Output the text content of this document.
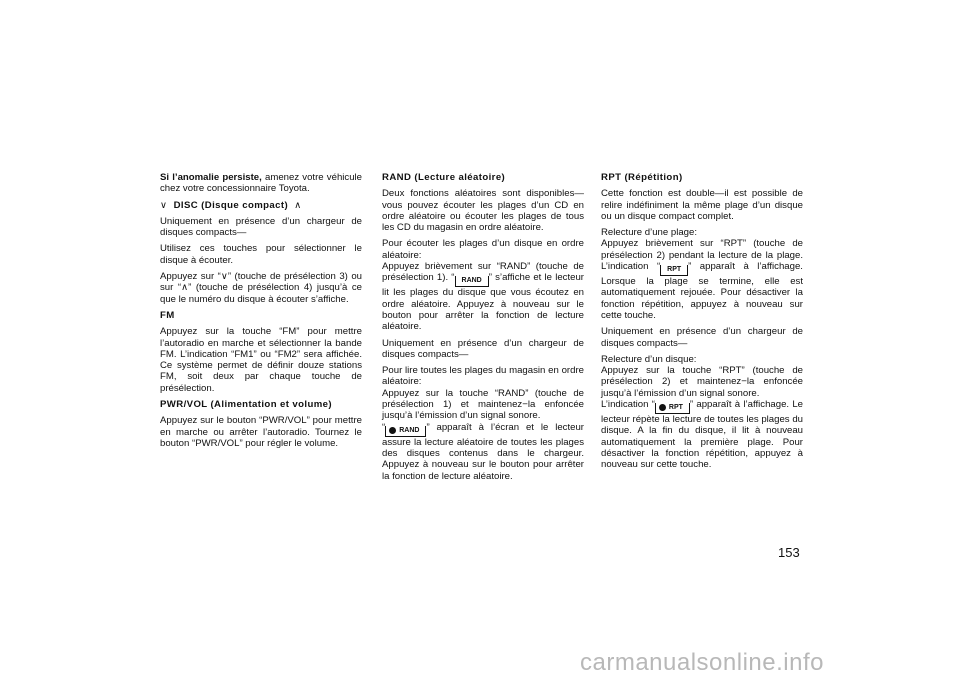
Si l’anomalie persiste, amenez votre véhicule chez votre concessionnaire Toyota.

∨ DISC (Disque compact) ∧

Uniquement en présence d’un chargeur de disques compacts—

Utilisez ces touches pour sélectionner le disque à écouter.

Appuyez sur “∨” (touche de présélection 3) ou sur “∧” (touche de présélection 4) jusqu’à ce que le numéro du disque à écouter s’affiche.

FM

Appuyez sur la touche “FM” pour mettre l’autoradio en marche et sélectionner la bande FM. L’indication “FM1” ou “FM2” sera affichée. Ce système permet de définir douze stations FM, soit deux par chaque touche de présélection.

PWR/VOL (Alimentation et volume)

Appuyez sur le bouton “PWR/VOL” pour mettre en marche ou arrêter l’autoradio. Tournez le bouton “PWR/VOL” pour régler le volume.

RAND (Lecture aléatoire)

Deux fonctions aléatoires sont disponibles—vous pouvez écouter les plages d’un CD en ordre aléatoire ou écouter les plages de tous les CD du magasin en ordre aléatoire.

Pour écouter les plages d’un disque en ordre aléatoire:
Appuyez brièvement sur “RAND” (touche de présélection 1). “ RAND ” s’affiche et le lecteur lit les plages du disque que vous écoutez en ordre aléatoire. Appuyez à nouveau sur le bouton pour arrêter la fonction de lecture aléatoire.

Uniquement en présence d’un chargeur de disques compacts—

Pour lire toutes les plages du magasin en ordre aléatoire:
Appuyez sur la touche “RAND” (touche de présélection 1) et maintenez−la enfoncée jusqu’à l’émission d’un signal sonore.
“ RAND ” apparaît à l’écran et le lecteur assure la lecture aléatoire de toutes les plages des disques contenus dans le chargeur. Appuyez à nouveau sur le bouton pour arrêter la fonction de lecture aléatoire.

RPT (Répétition)

Cette fonction est double—il est possible de relire indéfiniment la même plage d’un disque ou un disque compact complet.

Relecture d’une plage:
Appuyez brièvement sur “RPT” (touche de présélection 2) pendant la lecture de la plage. L’indication “ RPT ” apparaît à l’affichage. Lorsque la plage se termine, elle est automatiquement rejouée. Pour désactiver la fonction répétition, appuyez à nouveau sur cette touche.

Uniquement en présence d’un chargeur de disques compacts—

Relecture d’un disque:
Appuyez sur la touche “RPT” (touche de présélection 2) et maintenez−la enfoncée jusqu’à l’émission d’un signal sonore.
L’indication “ RPT ” apparaît à l’affichage. Le lecteur répète la lecture de toutes les plages du disque. A la fin du disque, il lit à nouveau automatiquement la première plage. Pour désactiver la fonction répétition, appuyez à nouveau sur cette touche.

153
carmanualsonline.info
